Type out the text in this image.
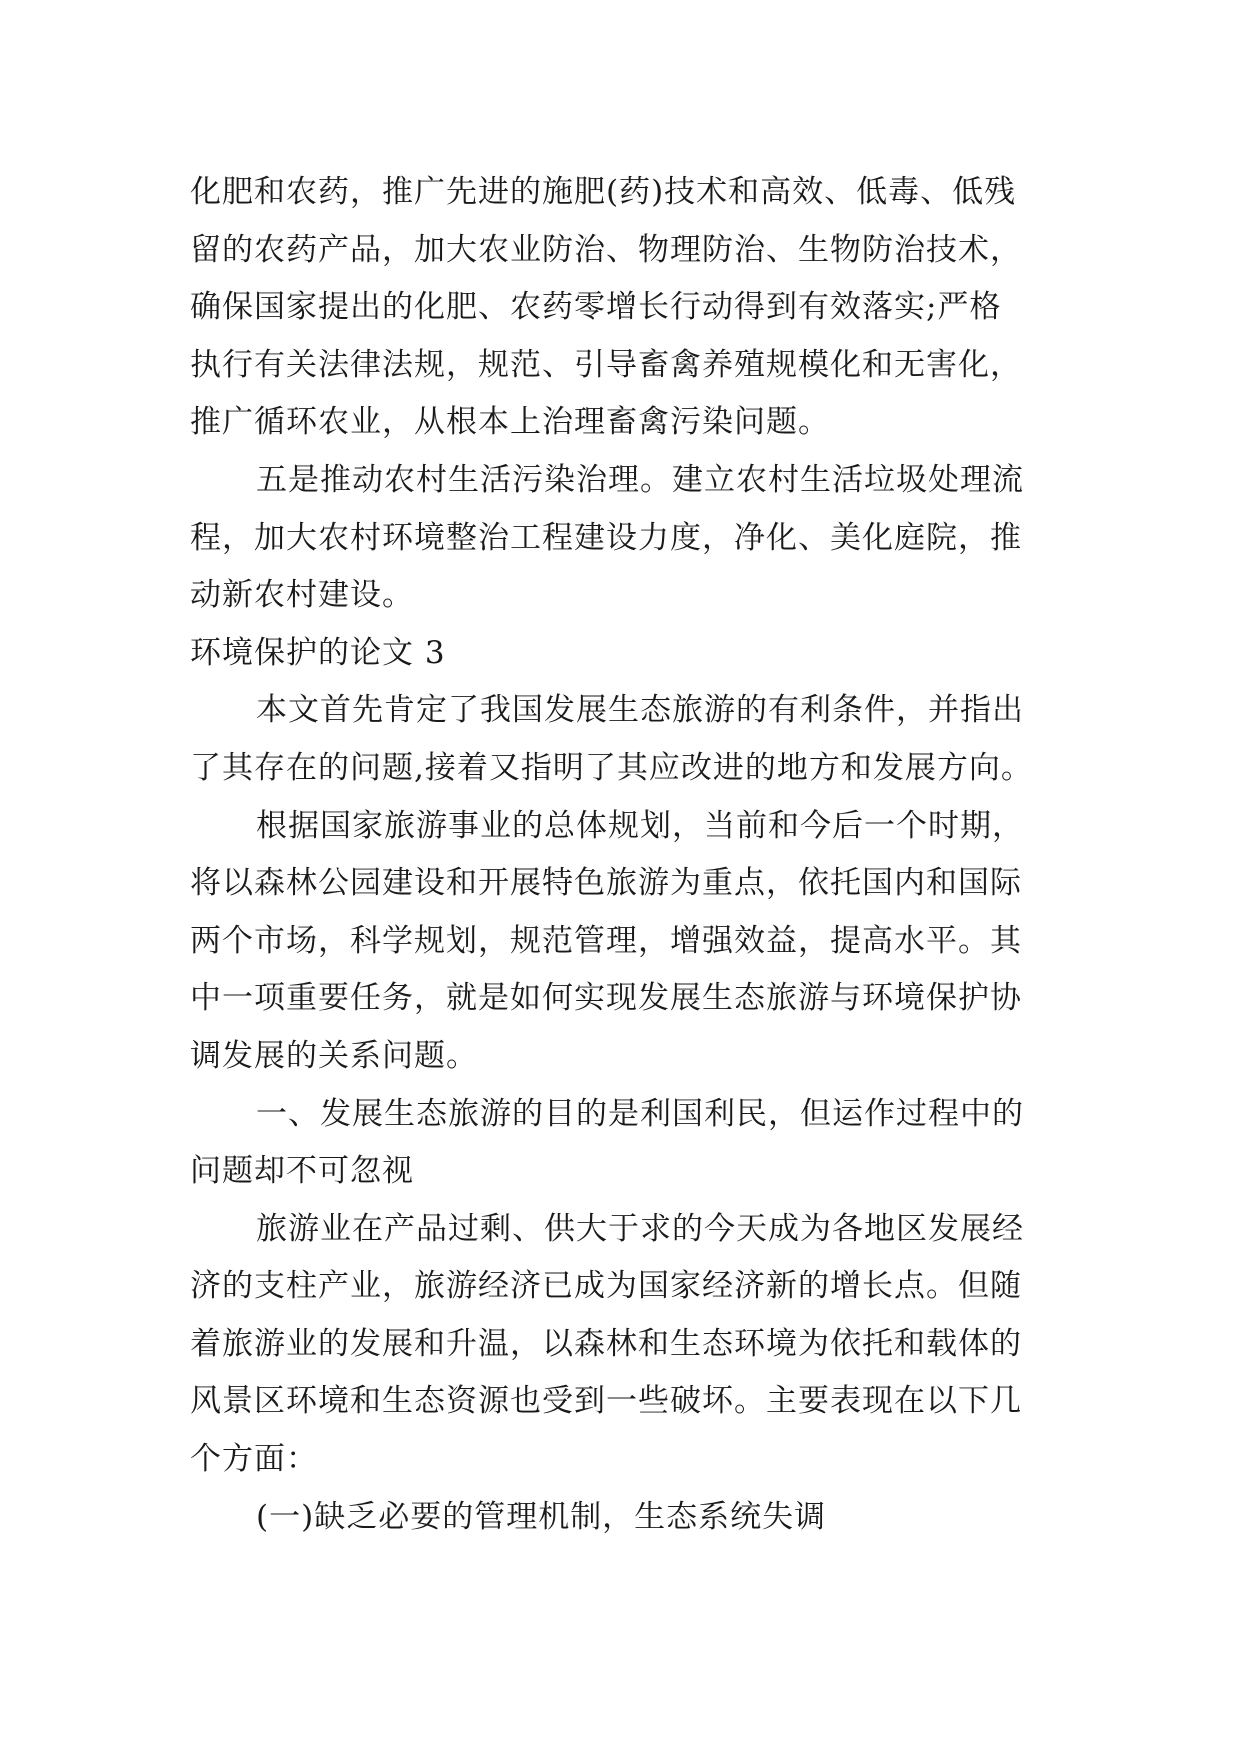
化肥和农药，推广先进的施肥(药)技术和高效、低毒、低残
留的农药产品，加大农业防治、物理防治、生物防治技术，
确保国家提出的化肥、农药零增长行动得到有效落实;严格
执行有关法律法规，规范、引导畜禽养殖规模化和无害化，
推广循环农业，从根本上治理畜禽污染问题。
五是推动农村生活污染治理。建立农村生活垃圾处理流
程，加大农村环境整治工程建设力度，净化、美化庭院，推
动新农村建设。
环境保护的论文 3
本文首先肯定了我国发展生态旅游的有利条件，并指出
了其存在的问题,接着又指明了其应改进的地方和发展方向。
根据国家旅游事业的总体规划，当前和今后一个时期，
将以森林公园建设和开展特色旅游为重点，依托国内和国际
两个市场，科学规划，规范管理，增强效益，提高水平。其
中一项重要任务，就是如何实现发展生态旅游与环境保护协
调发展的关系问题。
一、发展生态旅游的目的是利国利民，但运作过程中的
问题却不可忽视
旅游业在产品过剩、供大于求的今天成为各地区发展经
济的支柱产业，旅游经济已成为国家经济新的增长点。但随
着旅游业的发展和升温，以森林和生态环境为依托和载体的
风景区环境和生态资源也受到一些破坏。主要表现在以下几
个方面：
(一)缺乏必要的管理机制，生态系统失调
